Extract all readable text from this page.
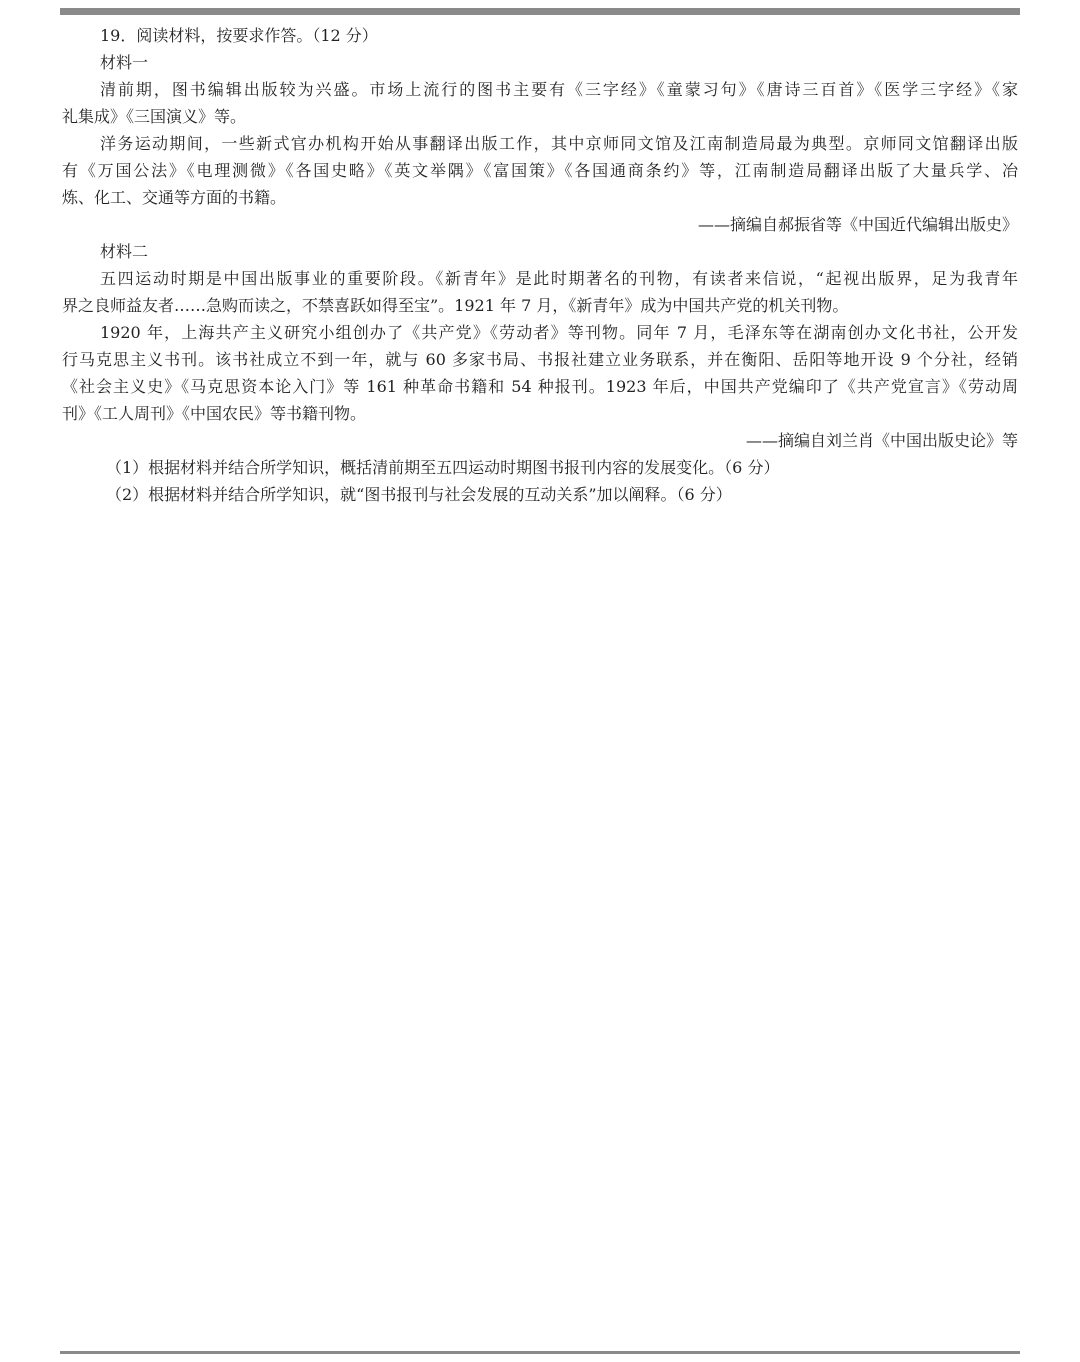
19．阅读材料，按要求作答。（12 分）
材料一
清前期，图书编辑出版较为兴盛。市场上流行的图书主要有《三字经》《童蒙习句》《唐诗三百首》《医学三字经》《家
礼集成》《三国演义》等。
洋务运动期间，一些新式官办机构开始从事翻译出版工作，其中京师同文馆及江南制造局最为典型。京师同文馆翻译出版
有《万国公法》《电理测微》《各国史略》《英文举隅》《富国策》《各国通商条约》等，江南制造局翻译出版了大量兵学、冶
炼、化工、交通等方面的书籍。
——摘编自郝振省等《中国近代编辑出版史》
材料二
五四运动时期是中国出版事业的重要阶段。《新青年》是此时期著名的刊物，有读者来信说，“起视出版界，足为我青年
界之良师益友者……急购而读之，不禁喜跃如得至宝”。1921 年 7 月，《新青年》成为中国共产党的机关刊物。
1920 年，上海共产主义研究小组创办了《共产党》《劳动者》等刊物。同年 7 月，毛泽东等在湖南创办文化书社，公开发
行马克思主义书刊。该书社成立不到一年，就与 60 多家书局、书报社建立业务联系，并在衡阳、岳阳等地开设 9 个分社，经销
《社会主义史》《马克思资本论入门》等 161 种革命书籍和 54 种报刊。1923 年后，中国共产党编印了《共产党宣言》《劳动周
刊》《工人周刊》《中国农民》等书籍刊物。
——摘编自刘兰肖《中国出版史论》等
（1）根据材料并结合所学知识，概括清前期至五四运动时期图书报刊内容的发展变化。（6 分）
（2）根据材料并结合所学知识，就“图书报刊与社会发展的互动关系”加以阐释。（6 分）
